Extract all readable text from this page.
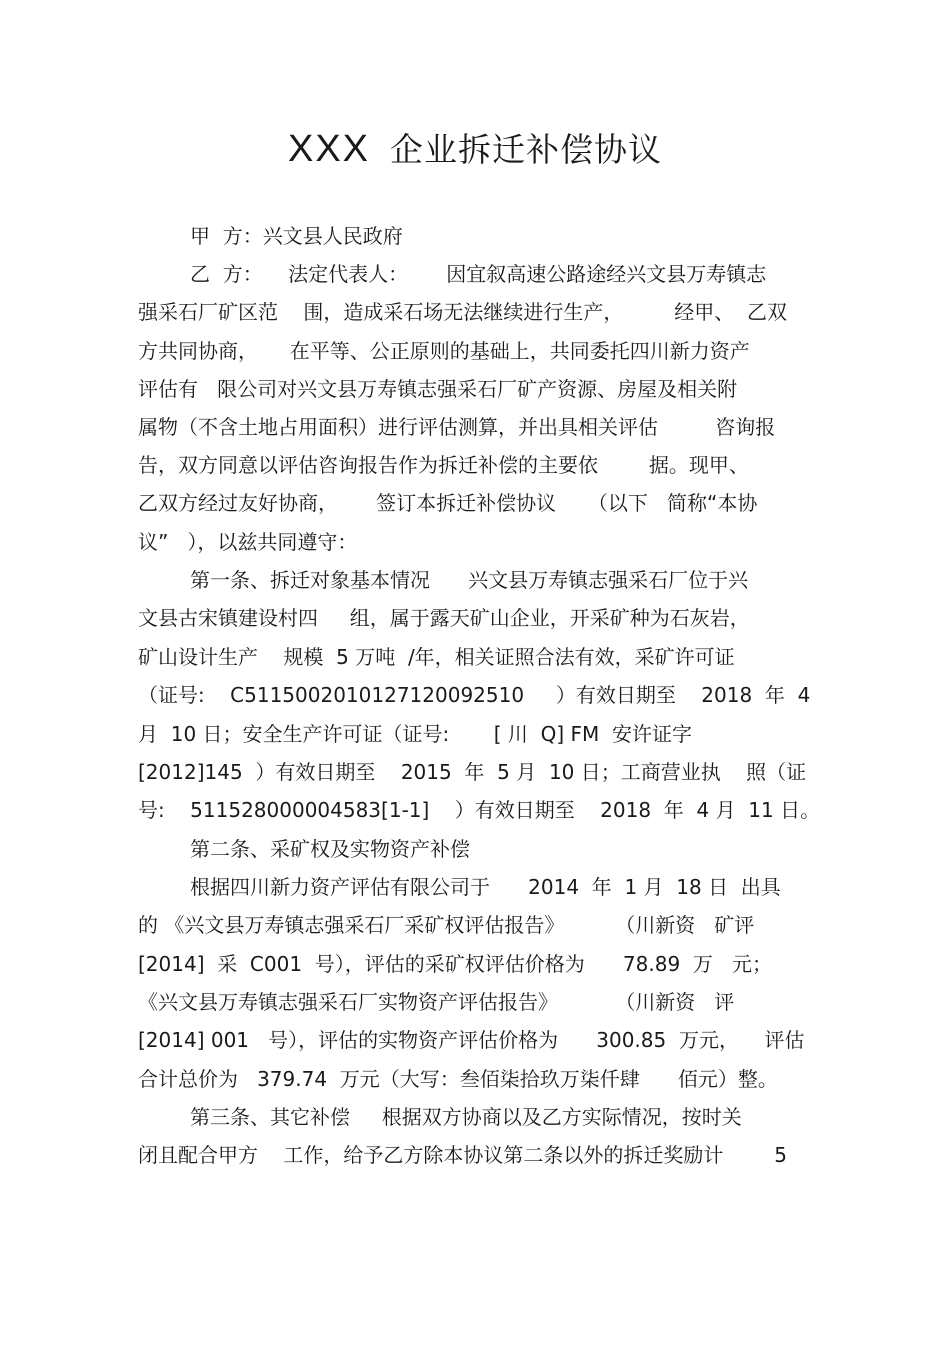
XXX 企业拆迁补偿协议
甲  方：兴文县人民政府
乙  方：    法定代表人：      因宜叙高速公路途经兴文县万寿镇志
强采石厂矿区范    围，造成采石场无法继续进行生产，        经甲、  乙双
方共同协商，     在平等、公正原则的基础上，共同委托四川新力资产
评估有   限公司对兴文县万寿镇志强采石厂矿产资源、房屋及相关附
属物（不含土地占用面积）进行评估测算，并出具相关评估         咨询报
告，双方同意以评估咨询报告作为拆迁补偿的主要依        据。现甲、
乙双方经过友好协商，      签订本拆迁补偿协议     （以下   简称“本协
议”   ），以兹共同遵守：
第一条、拆迁对象基本情况      兴文县万寿镇志强采石厂位于兴
文县古宋镇建设村四     组，属于露天矿山企业，开采矿种为石灰岩，
矿山设计生产    规模  5 万吨  /年，相关证照合法有效，采矿许可证
（证号:    C5115002010127120092510     ）有效日期至    2018  年  4
月  10 日；安全生产许可证（证号:       [ 川  Q] FM  安许证字
[2012]145  ）有效日期至    2015  年  5 月  10 日；工商营业执    照（证
号:    511528000004583[1-1]    ）有效日期至    2018  年  4 月  11 日。
第二条、采矿权及实物资产补偿
根据四川新力资产评估有限公司于      2014  年  1 月  18 日  出具
的 《兴文县万寿镇志强采石厂采矿权评估报告》        （川新资   矿评
[2014]  采  C001  号），评估的采矿权评估价格为      78.89  万   元；
《兴文县万寿镇志强采石厂实物资产评估报告》         （川新资   评
[2014] 001   号），评估的实物资产评估价格为      300.85  万元，    评估
合计总价为   379.74  万元（大写：叁佰柒拾玖万柒仟肆      佰元）整。
第三条、其它补偿     根据双方协商以及乙方实际情况，按时关
闭且配合甲方    工作，给予乙方除本协议第二条以外的拆迁奖励计        5
